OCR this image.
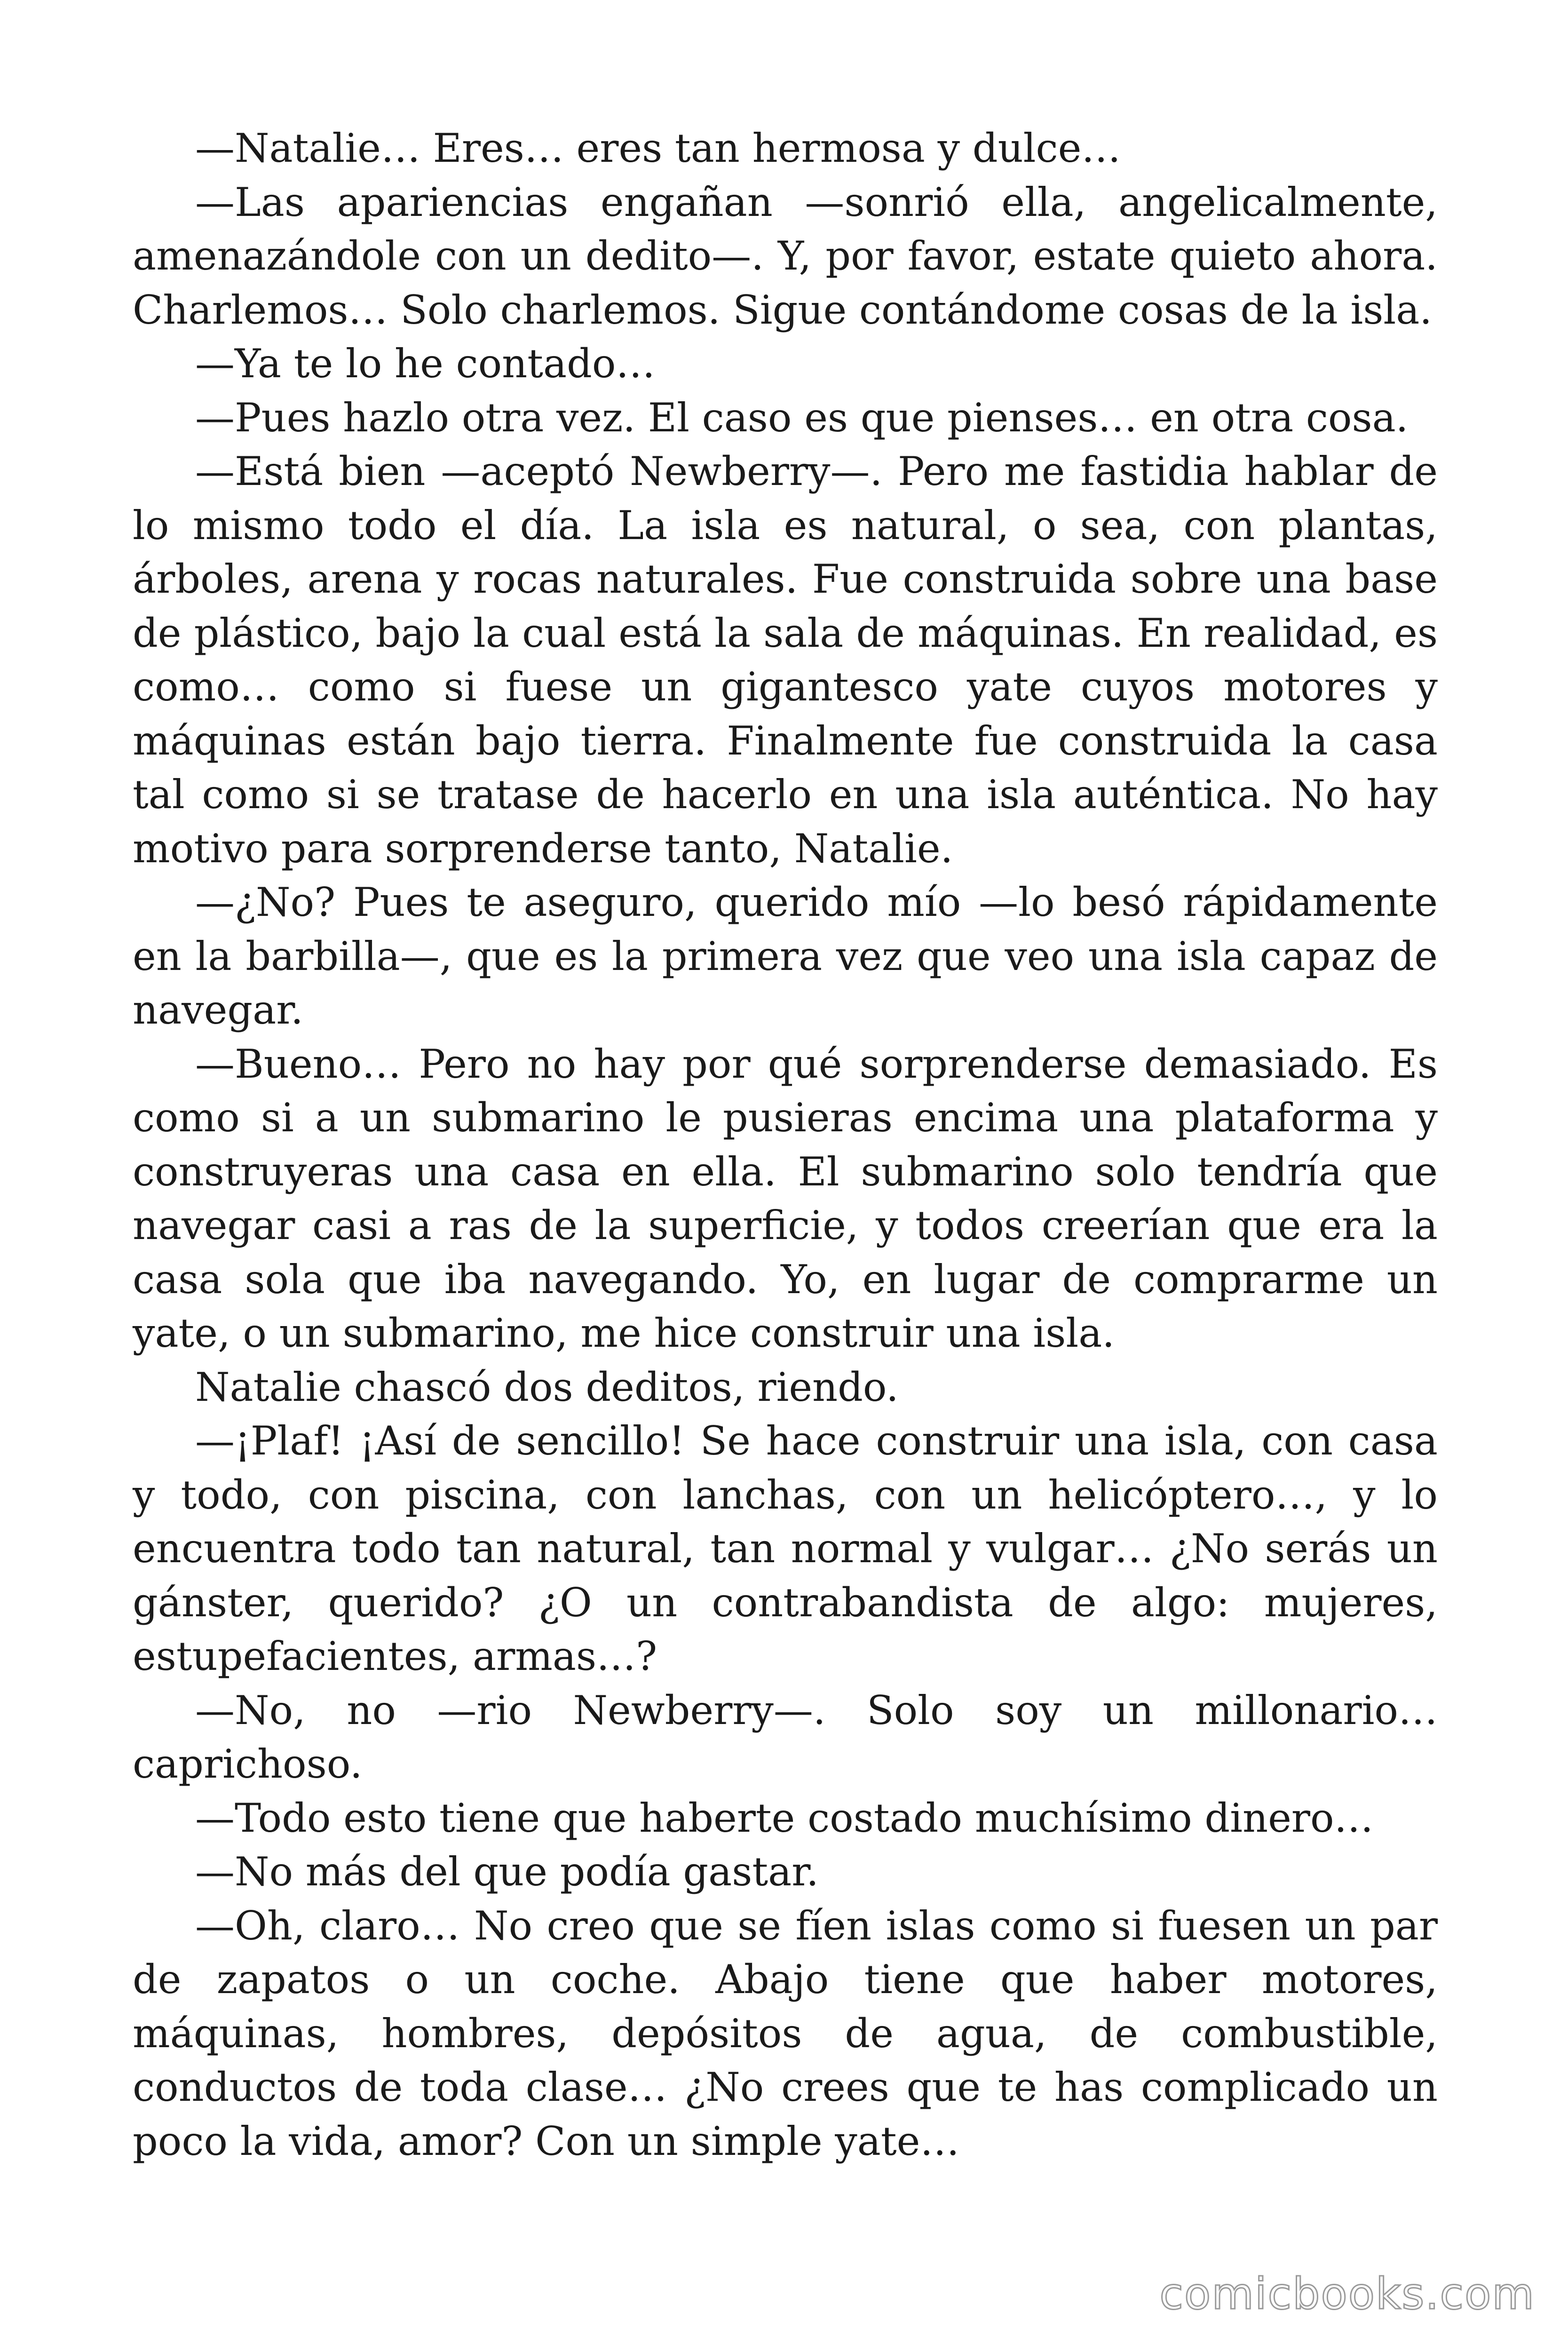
—Natalie… Eres… eres tan hermosa y dulce…

—Las apariencias engañan —sonrió ella, angelicalmente, amenazándole con un dedito—. Y, por favor, estate quieto ahora. Charlemos… Solo charlemos. Sigue contándome cosas de la isla.

—Ya te lo he contado…

—Pues hazlo otra vez. El caso es que pienses… en otra cosa.

—Está bien —aceptó Newberry—. Pero me fastidia hablar de lo mismo todo el día. La isla es natural, o sea, con plantas, árboles, arena y rocas naturales. Fue construida sobre una base de plástico, bajo la cual está la sala de máquinas. En realidad, es como… como si fuese un gigantesco yate cuyos motores y máquinas están bajo tierra. Finalmente fue construida la casa tal como si se tratase de hacerlo en una isla auténtica. No hay motivo para sorprenderse tanto, Natalie.

—¿No? Pues te aseguro, querido mío —lo besó rápidamente en la barbilla—, que es la primera vez que veo una isla capaz de navegar.

—Bueno… Pero no hay por qué sorprenderse demasiado. Es como si a un submarino le pusieras encima una plataforma y construyeras una casa en ella. El submarino solo tendría que navegar casi a ras de la superficie, y todos creerían que era la casa sola que iba navegando. Yo, en lugar de comprarme un yate, o un submarino, me hice construir una isla.

Natalie chascó dos deditos, riendo.

—¡Plaf! ¡Así de sencillo! Se hace construir una isla, con casa y todo, con piscina, con lanchas, con un helicóptero…, y lo encuentra todo tan natural, tan normal y vulgar… ¿No serás un gánster, querido? ¿O un contrabandista de algo: mujeres, estupefacientes, armas…?

—No, no —rio Newberry—. Solo soy un millonario… caprichoso.

—Todo esto tiene que haberte costado muchísimo dinero…

—No más del que podía gastar.

—Oh, claro… No creo que se fíen islas como si fuesen un par de zapatos o un coche. Abajo tiene que haber motores, máquinas, hombres, depósitos de agua, de combustible, conductos de toda clase… ¿No crees que te has complicado un poco la vida, amor? Con un simple yate…

comicbooks.com
